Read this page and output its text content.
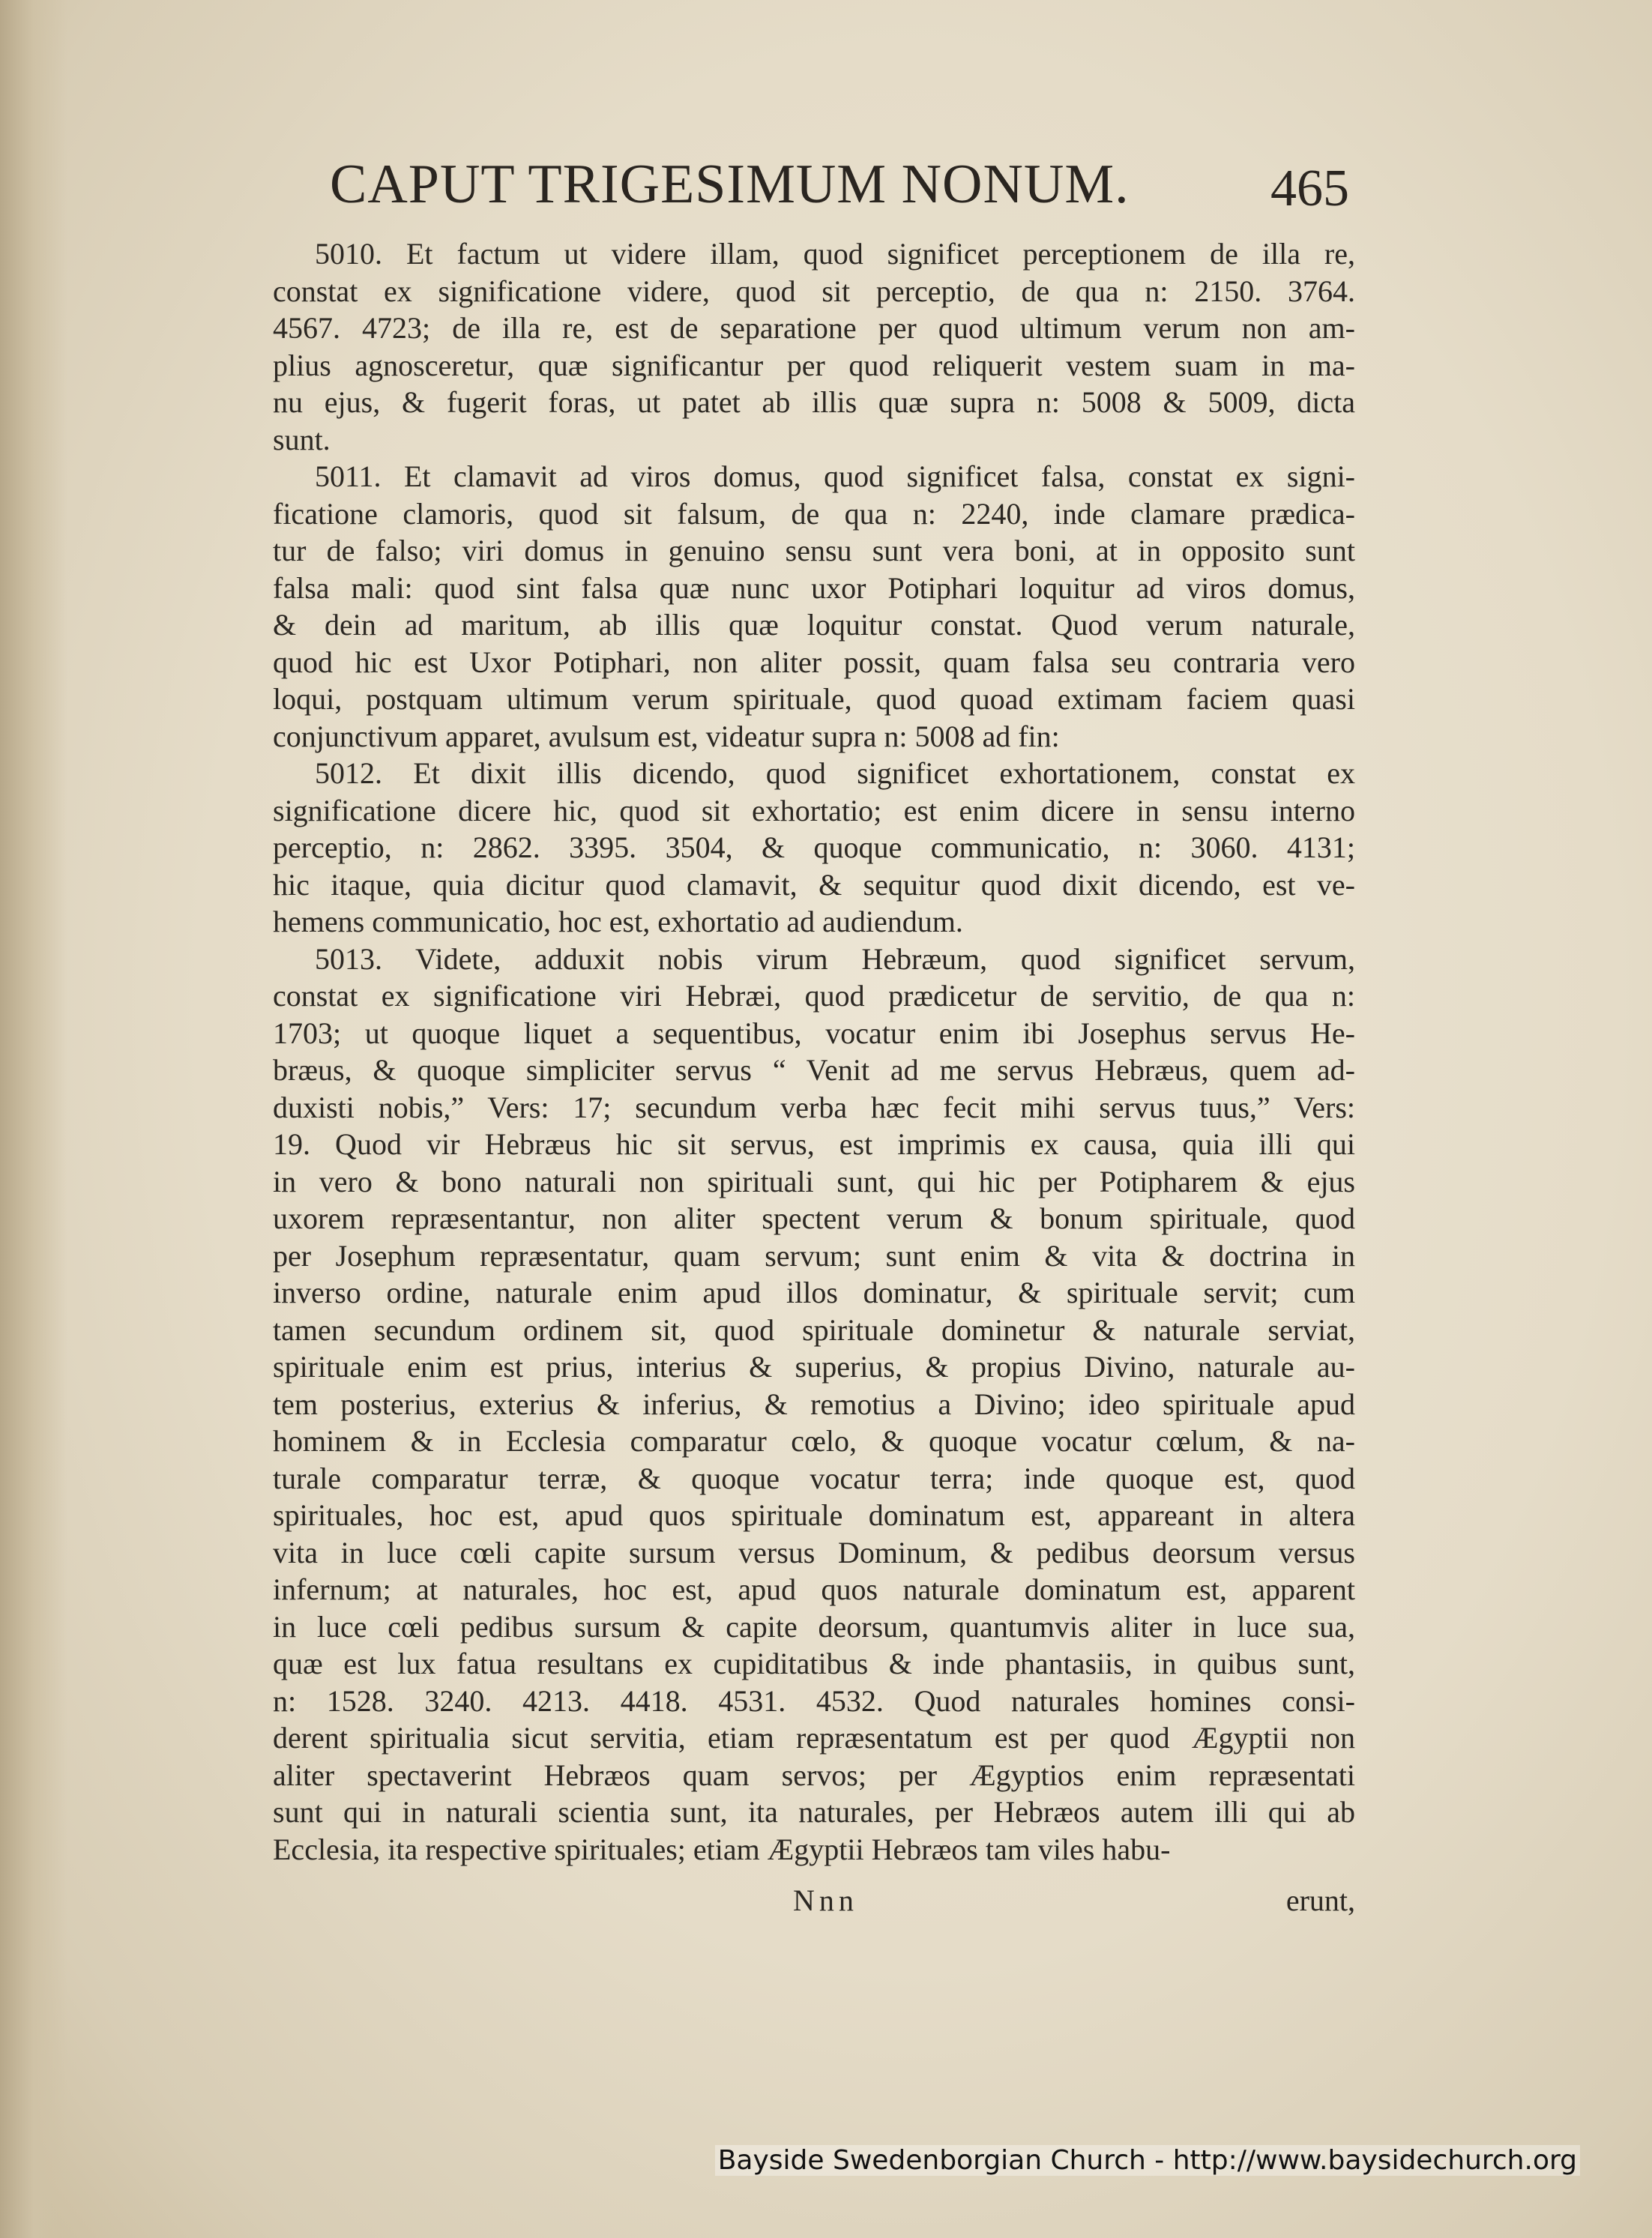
CAPUT TRIGESIMUM NONUM.	465
5010. Et factum ut videre illam, quod significet perceptionem de illa re,
constat ex significatione videre, quod sit perceptio, de qua n: 2150. 3764.
4567. 4723; de illa re, est de separatione per quod ultimum verum non am-
plius agnosceretur, quæ significantur per quod reliquerit vestem suam in ma-
nu ejus, & fugerit foras, ut patet ab illis quæ supra n: 5008 & 5009, dicta
sunt.
5011. Et clamavit ad viros domus, quod significet falsa, constat ex signi-
ficatione clamoris, quod sit falsum, de qua n: 2240, inde clamare prædica-
tur de falso; viri domus in genuino sensu sunt vera boni, at in opposito sunt
falsa mali: quod sint falsa quæ nunc uxor Potiphari loquitur ad viros domus,
& dein ad maritum, ab illis quæ loquitur constat. Quod verum naturale,
quod hic est Uxor Potiphari, non aliter possit, quam falsa seu contraria vero
loqui, postquam ultimum verum spirituale, quod quoad extimam faciem quasi
conjunctivum apparet, avulsum est, videatur supra n: 5008 ad fin:
5012. Et dixit illis dicendo, quod significet exhortationem, constat ex
significatione dicere hic, quod sit exhortatio; est enim dicere in sensu interno
perceptio, n: 2862. 3395. 3504, & quoque communicatio, n: 3060. 4131;
hic itaque, quia dicitur quod clamavit, & sequitur quod dixit dicendo, est ve-
hemens communicatio, hoc est, exhortatio ad audiendum.
5013. Videte, adduxit nobis virum Hebræum, quod significet servum,
constat ex significatione viri Hebræi, quod prædicetur de servitio, de qua n:
1703; ut quoque liquet a sequentibus, vocatur enim ibi Josephus servus He-
bræus, & quoque simpliciter servus “ Venit ad me servus Hebræus, quem ad-
duxisti nobis,” Vers: 17; secundum verba hæc fecit mihi servus tuus,” Vers:
19. Quod vir Hebræus hic sit servus, est imprimis ex causa, quia illi qui
in vero & bono naturali non spirituali sunt, qui hic per Potipharem & ejus
uxorem repræsentantur, non aliter spectent verum & bonum spirituale, quod
per Josephum repræsentatur, quam servum; sunt enim & vita & doctrina in
inverso ordine, naturale enim apud illos dominatur, & spirituale servit; cum
tamen secundum ordinem sit, quod spirituale dominetur & naturale serviat,
spirituale enim est prius, interius & superius, & propius Divino, naturale au-
tem posterius, exterius & inferius, & remotius a Divino; ideo spirituale apud
hominem & in Ecclesia comparatur cœlo, & quoque vocatur cœlum, & na-
turale comparatur terræ, & quoque vocatur terra; inde quoque est, quod
spirituales, hoc est, apud quos spirituale dominatum est, appareant in altera
vita in luce cœli capite sursum versus Dominum, & pedibus deorsum versus
infernum; at naturales, hoc est, apud quos naturale dominatum est, apparent
in luce cœli pedibus sursum & capite deorsum, quantumvis aliter in luce sua,
quæ est lux fatua resultans ex cupiditatibus & inde phantasiis, in quibus sunt,
n: 1528. 3240. 4213. 4418. 4531. 4532. Quod naturales homines consi-
derent spiritualia sicut servitia, etiam repræsentatum est per quod Ægyptii non
aliter spectaverint Hebræos quam servos; per Ægyptios enim repræsentati
sunt qui in naturali scientia sunt, ita naturales, per Hebræos autem illi qui ab
Ecclesia, ita respective spirituales; etiam Ægyptii Hebræos tam viles habu-
Nnn	erunt,
Bayside Swedenborgian Church - http://www.baysidechurch.org
